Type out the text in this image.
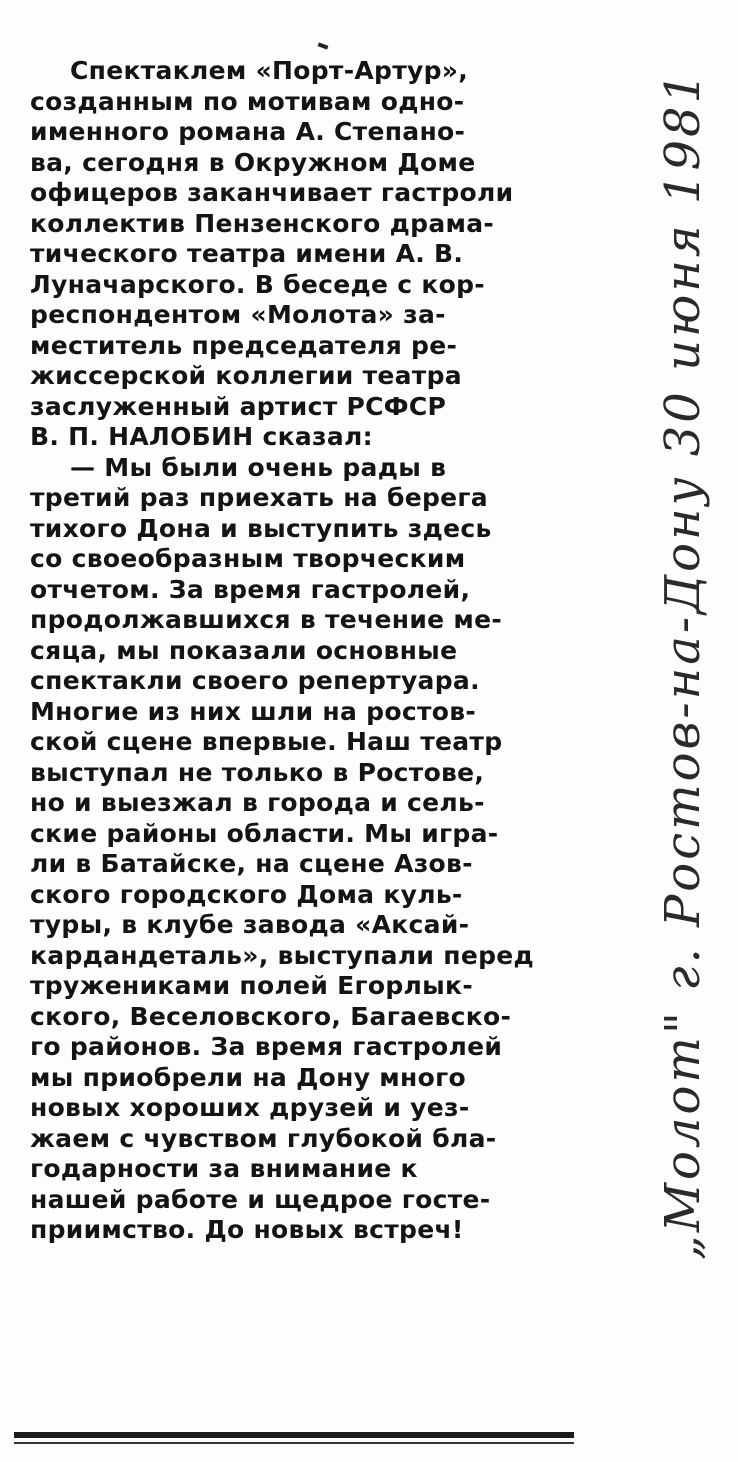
Спектаклем «Порт-Артур»,
созданным по мотивам одно-
именного романа А. Степано-
ва, сегодня в Окружном Доме
офицеров заканчивает гастроли
коллектив Пензенского драма-
тического театра имени А. В.
Луначарского. В беседе с кор-
респондентом «Молота» за-
меститель председателя ре-
жиссерской коллегии театра
заслуженный артист РСФСР
В. П. НАЛОБИН сказал:
— Мы были очень рады в
третий раз приехать на берега
тихого Дона и выступить здесь
со своеобразным творческим
отчетом. За время гастролей,
продолжавшихся в течение ме-
сяца, мы показали основные
спектакли своего репертуара.
Многие из них шли на ростов-
ской сцене впервые. Наш театр
выступал не только в Ростове,
но и выезжал в города и сель-
ские районы области. Мы игра-
ли в Батайске, на сцене Азов-
ского городского Дома куль-
туры, в клубе завода «Аксай-
кардандеталь», выступали перед
тружениками полей Егорлык-
ского, Веселовского, Багаевско-
го районов. За время гастролей
мы приобрели на Дону много
новых хороших друзей и уез-
жаем с чувством глубокой бла-
годарности за внимание к
нашей работе и щедрое госте-
приимство. До новых встреч!	„Молот" г. Ростов-на-Дону 30 июня 1981
